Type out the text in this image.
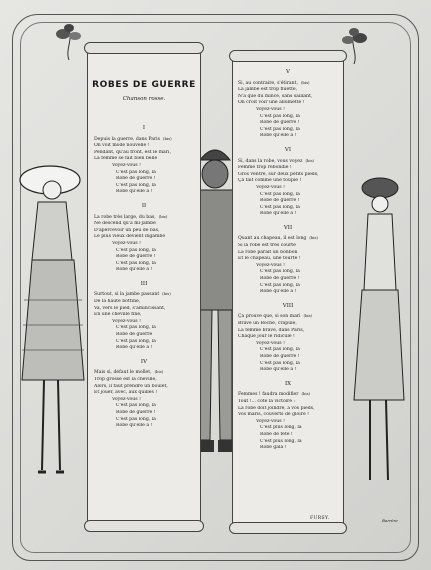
ROBES DE GUERRE
Chanson rosse.
I
Depuis la guerre, dans Paris (bis)
On voit mode nouvelle !
Pendant, qu'au front, est le mari,
La femme se fait bien belle
Voyez-vous !
C'est pas long, la
Robe de guerre !
C'est pas long, la
Robe qu'elle a !
II
La robe très large, du bas, (bis)
Ne descend qu'à mi-jambe
D'apercevoir un peu de bas,
Le plus vieux devient ingambe
Voyez-vous !
C'est pas long, la
Robe de guerre !
C'est pas long, la
Robe qu'elle a !
III
Surtout, si la jambe passant (bis)
De la haute bottine,
Va, vers le pied, s'amincissant,
En une cheville fine,
Voyez-vous !
C'est pas long, la
Robe de guerre
C'est pas long, la
Robe qu'elle a !
IV
Mais si, défaut le mollet, (bis)
Trop grosse est la cheville,
Alors, il faut prendre un boulet,
Et jouer, avec, aux quilles !
Voyez-vous !
C'est pas long, la
Robe de guerre !
C'est pas long, la
Robe qu'elle a !
V
Si, au contraire, s'étirant, (bis)
La jambe est trop fluette,
N'a que du mince, sans saillant,
On croit voir une allumette !
Voyez-vous !
C'est pas long, la
Robe de guerre !
C'est pas long, la
Robe qu'elle a !
VI
Si, dans la robe, vous voyez (bis)
Femme trop rebondie !
Gros ventre, sur deux petits pieds,
Ça fait comme une toupie !
Voyez-vous !
C'est pas long, la
Robe de guerre !
C'est pas long, la
Robe qu'elle a !
VII
Quant au chapeau, il est long (bis)
Si la robe est très courte
La robe paraît un bonbon
Et le chapeau, une tourte !
Voyez-vous !
C'est pas long, la
Robe de guerre !
C'est pas long, la
Robe qu'elle a !
VIII
Ça prouve que, si son mari (bis)
Brave un Boche, crapule,
La femme brave, dans Paris,
Chaque jour le ridicule !
Voyez-vous !
C'est pas long, la
Robe de guerre !
C'est pas long, la
Robe qu'elle a !
IX
Femmes ! faudra modifier (bis)
Tout !... côté la victoire :
La robe doit joindre, à vos pieds,
Vos maris, couverts de gloire !
Voyez-vous !
C'est plus long, la
Robe de fête !
C'est plus long, la
Robe gala !
FURSY.	Barrère
